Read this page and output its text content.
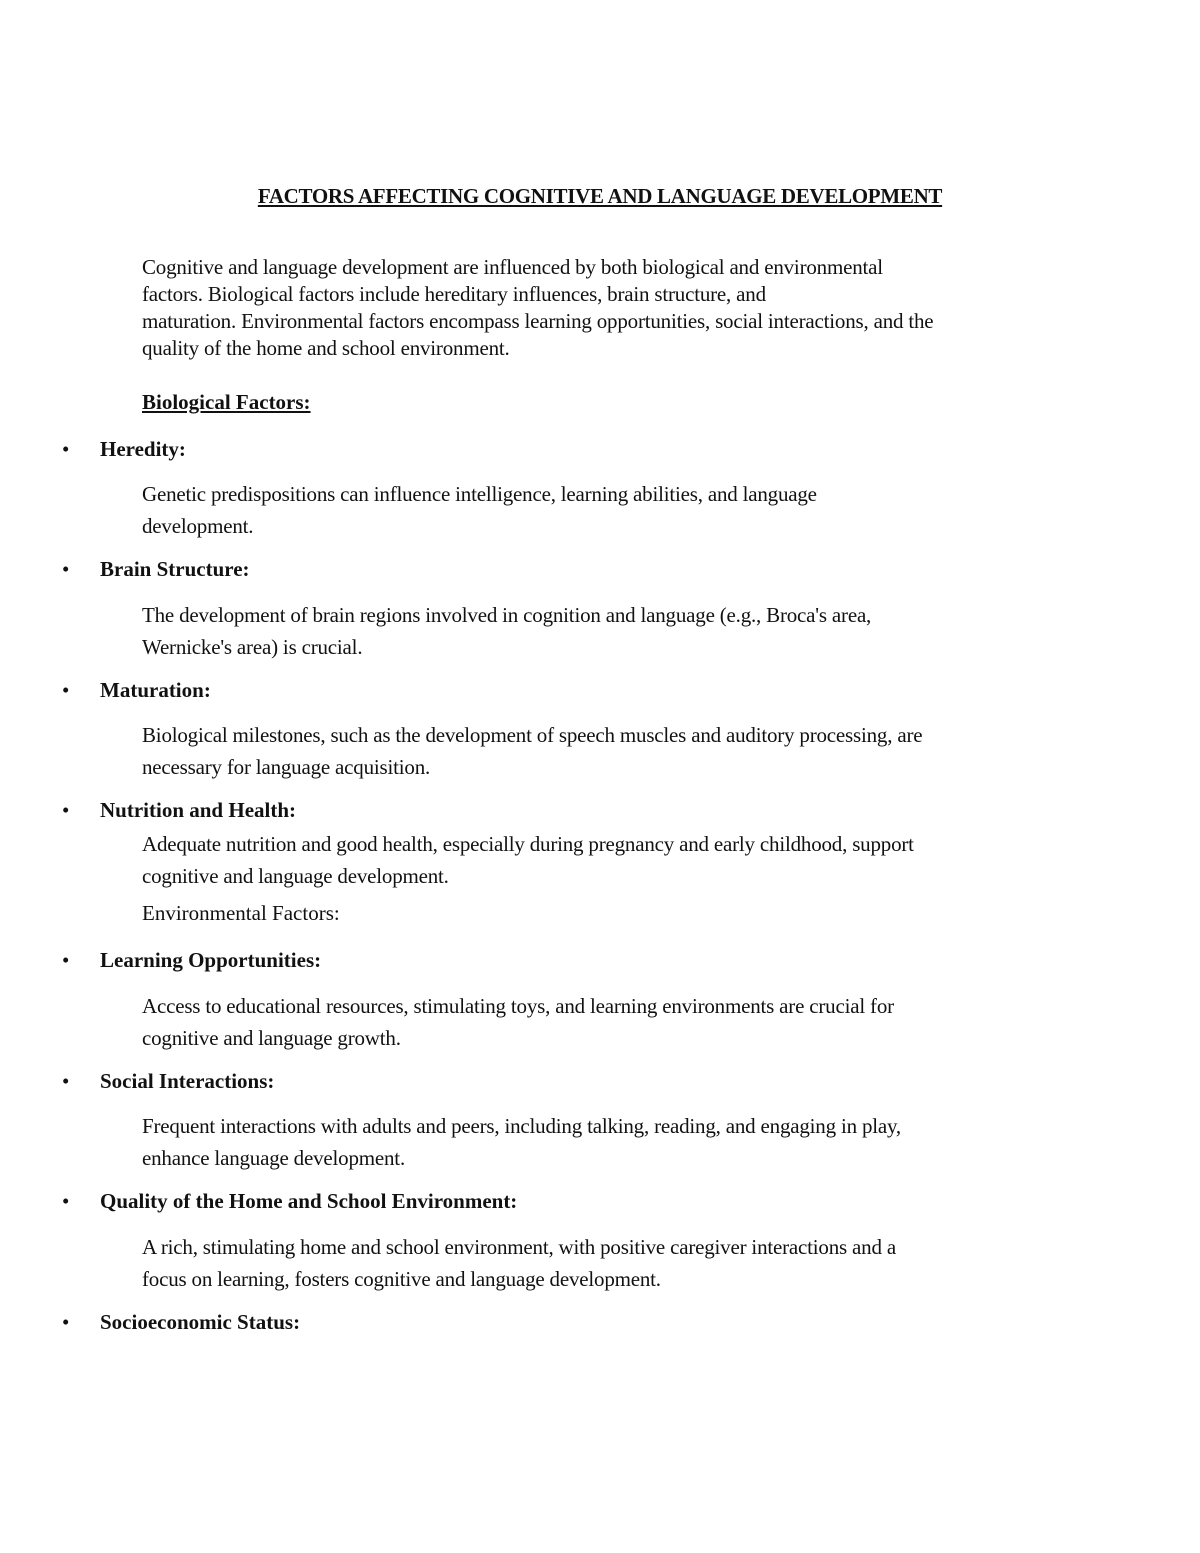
FACTORS AFFECTING COGNITIVE AND LANGUAGE DEVELOPMENT
Cognitive and language development are influenced by both biological and environmental
factors. Biological factors include hereditary influences, brain structure, and
maturation. Environmental factors encompass learning opportunities, social interactions, and the
quality of the home and school environment.
Biological Factors:
• Heredity:
Genetic predispositions can influence intelligence, learning abilities, and language
development.
• Brain Structure:
The development of brain regions involved in cognition and language (e.g., Broca's area,
Wernicke's area) is crucial.
• Maturation:
Biological milestones, such as the development of speech muscles and auditory processing, are
necessary for language acquisition.
• Nutrition and Health:
Adequate nutrition and good health, especially during pregnancy and early childhood, support
cognitive and language development.
Environmental Factors:
• Learning Opportunities:
Access to educational resources, stimulating toys, and learning environments are crucial for
cognitive and language growth.
• Social Interactions:
Frequent interactions with adults and peers, including talking, reading, and engaging in play,
enhance language development.
• Quality of the Home and School Environment:
A rich, stimulating home and school environment, with positive caregiver interactions and a
focus on learning, fosters cognitive and language development.
• Socioeconomic Status:
